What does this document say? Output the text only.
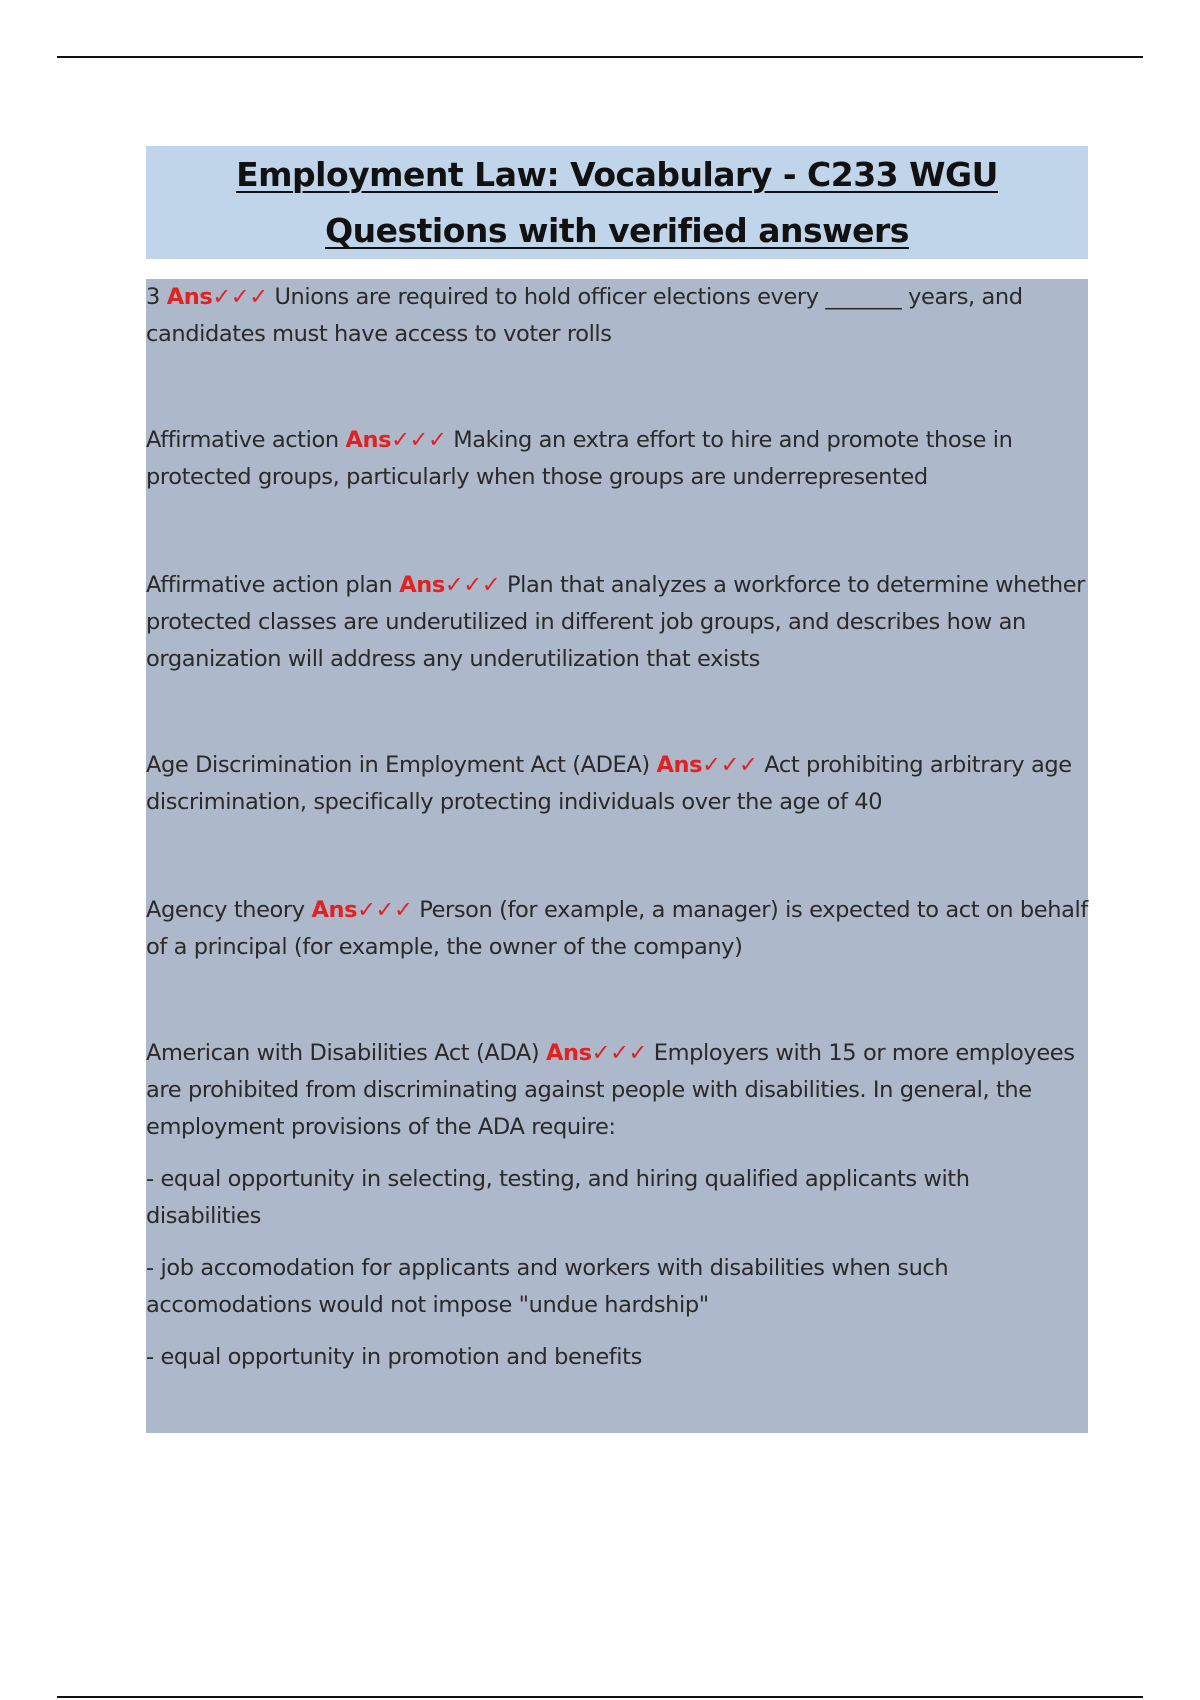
Employment Law: Vocabulary - C233 WGU
Questions with verified answers
3 Ans✓✓✓ Unions are required to hold officer elections every _______ years, and candidates must have access to voter rolls
Affirmative action Ans✓✓✓ Making an extra effort to hire and promote those in protected groups, particularly when those groups are underrepresented
Affirmative action plan Ans✓✓✓ Plan that analyzes a workforce to determine whether protected classes are underutilized in different job groups, and describes how an organization will address any underutilization that exists
Age Discrimination in Employment Act (ADEA) Ans✓✓✓ Act prohibiting arbitrary age discrimination, specifically protecting individuals over the age of 40
Agency theory Ans✓✓✓ Person (for example, a manager) is expected to act on behalf of a principal (for example, the owner of the company)
American with Disabilities Act (ADA) Ans✓✓✓ Employers with 15 or more employees are prohibited from discriminating against people with disabilities. In general, the employment provisions of the ADA require:
- equal opportunity in selecting, testing, and hiring qualified applicants with disabilities
- job accomodation for applicants and workers with disabilities when such accomodations would not impose "undue hardship"
- equal opportunity in promotion and benefits
